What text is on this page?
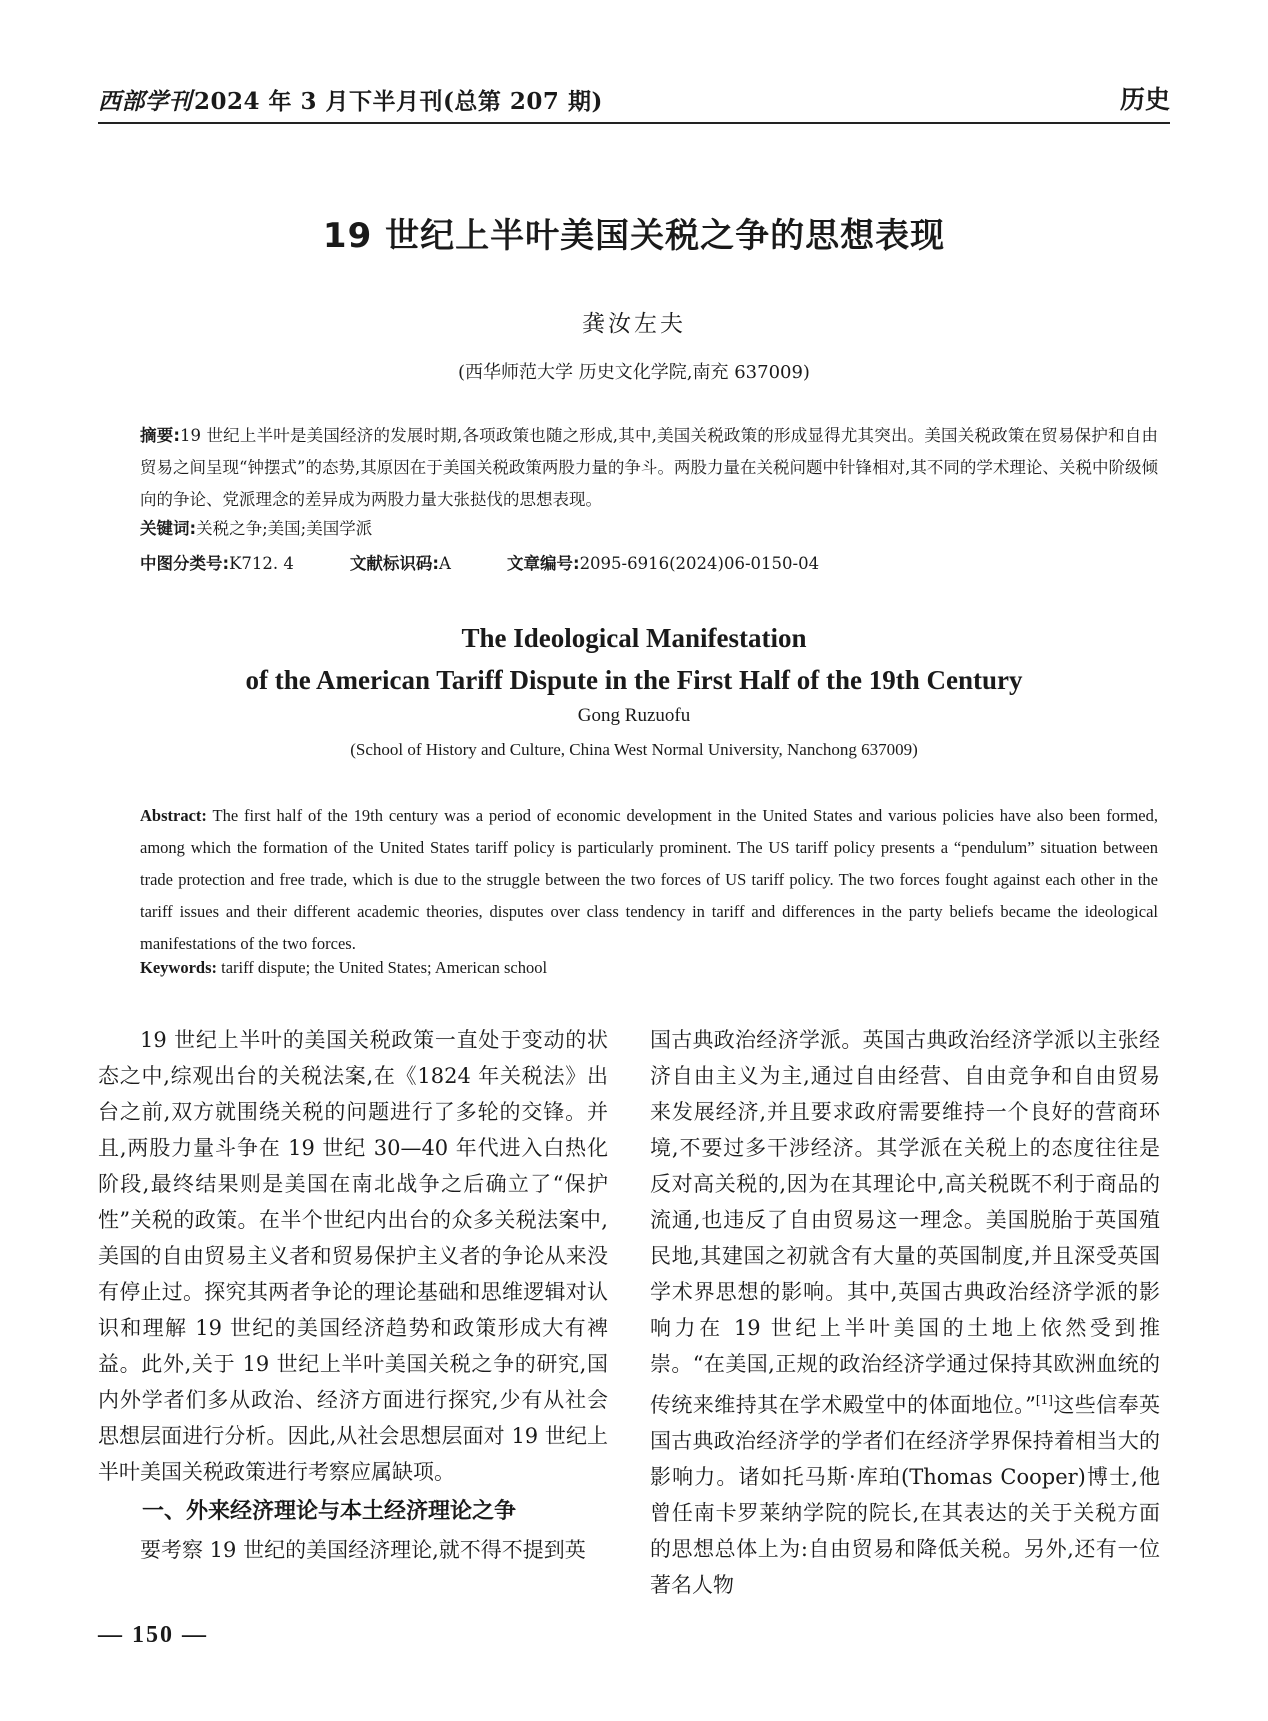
西部学刊2024 年 3 月下半月刊(总第 207 期)	历史
19 世纪上半叶美国关税之争的思想表现
龚汝左夫
(西华师范大学 历史文化学院,南充 637009)
摘要:19 世纪上半叶是美国经济的发展时期,各项政策也随之形成,其中,美国关税政策的形成显得尤其突出。美国关税政策在贸易保护和自由贸易之间呈现“钟摆式”的态势,其原因在于美国关税政策两股力量的争斗。两股力量在关税问题中针锋相对,其不同的学术理论、关税中阶级倾向的争论、党派理念的差异成为两股力量大张挞伐的思想表现。
关键词:关税之争;美国;美国学派
中图分类号:K712. 4	文献标识码:A	文章编号:2095-6916(2024)06-0150-04
The Ideological Manifestation
of the American Tariff Dispute in the First Half of the 19th Century
Gong Ruzuofu
(School of History and Culture, China West Normal University, Nanchong 637009)
Abstract: The first half of the 19th century was a period of economic development in the United States and various policies have also been formed, among which the formation of the United States tariff policy is particularly prominent. The US tariff policy presents a “pendulum” situation between trade protection and free trade, which is due to the struggle between the two forces of US tariff policy. The two forces fought against each other in the tariff issues and their different academic theories, disputes over class tendency in tariff and differences in the party beliefs became the ideological manifestations of the two forces.
Keywords: tariff dispute; the United States; American school

19 世纪上半叶的美国关税政策一直处于变动的状态之中,综观出台的关税法案,在《1824 年关税法》出台之前,双方就围绕关税的问题进行了多轮的交锋。并且,两股力量斗争在 19 世纪 30—40 年代进入白热化阶段,最终结果则是美国在南北战争之后确立了“保护性”关税的政策。在半个世纪内出台的众多关税法案中,美国的自由贸易主义者和贸易保护主义者的争论从来没有停止过。探究其两者争论的理论基础和思维逻辑对认识和理解 19 世纪的美国经济趋势和政策形成大有裨益。此外,关于 19 世纪上半叶美国关税之争的研究,国内外学者们多从政治、经济方面进行探究,少有从社会思想层面进行分析。因此,从社会思想层面对 19 世纪上半叶美国关税政策进行考察应属缺项。

一、外来经济理论与本土经济理论之争

要考察 19 世纪的美国经济理论,就不得不提到英

国古典政治经济学派。英国古典政治经济学派以主张经济自由主义为主,通过自由经营、自由竞争和自由贸易来发展经济,并且要求政府需要维持一个良好的营商环境,不要过多干涉经济。其学派在关税上的态度往往是反对高关税的,因为在其理论中,高关税既不利于商品的流通,也违反了自由贸易这一理念。美国脱胎于英国殖民地,其建国之初就含有大量的英国制度,并且深受英国学术界思想的影响。其中,英国古典政治经济学派的影响力在 19 世纪上半叶美国的土地上依然受到推崇。“在美国,正规的政治经济学通过保持其欧洲血统的传统来维持其在学术殿堂中的体面地位。”[1]这些信奉英国古典政治经济学的学者们在经济学界保持着相当大的影响力。诸如托马斯·库珀(Thomas Cooper)博士,他曾任南卡罗莱纳学院的院长,在其表达的关于关税方面的思想总体上为:自由贸易和降低关税。另外,还有一位著名人物

— 150 —
